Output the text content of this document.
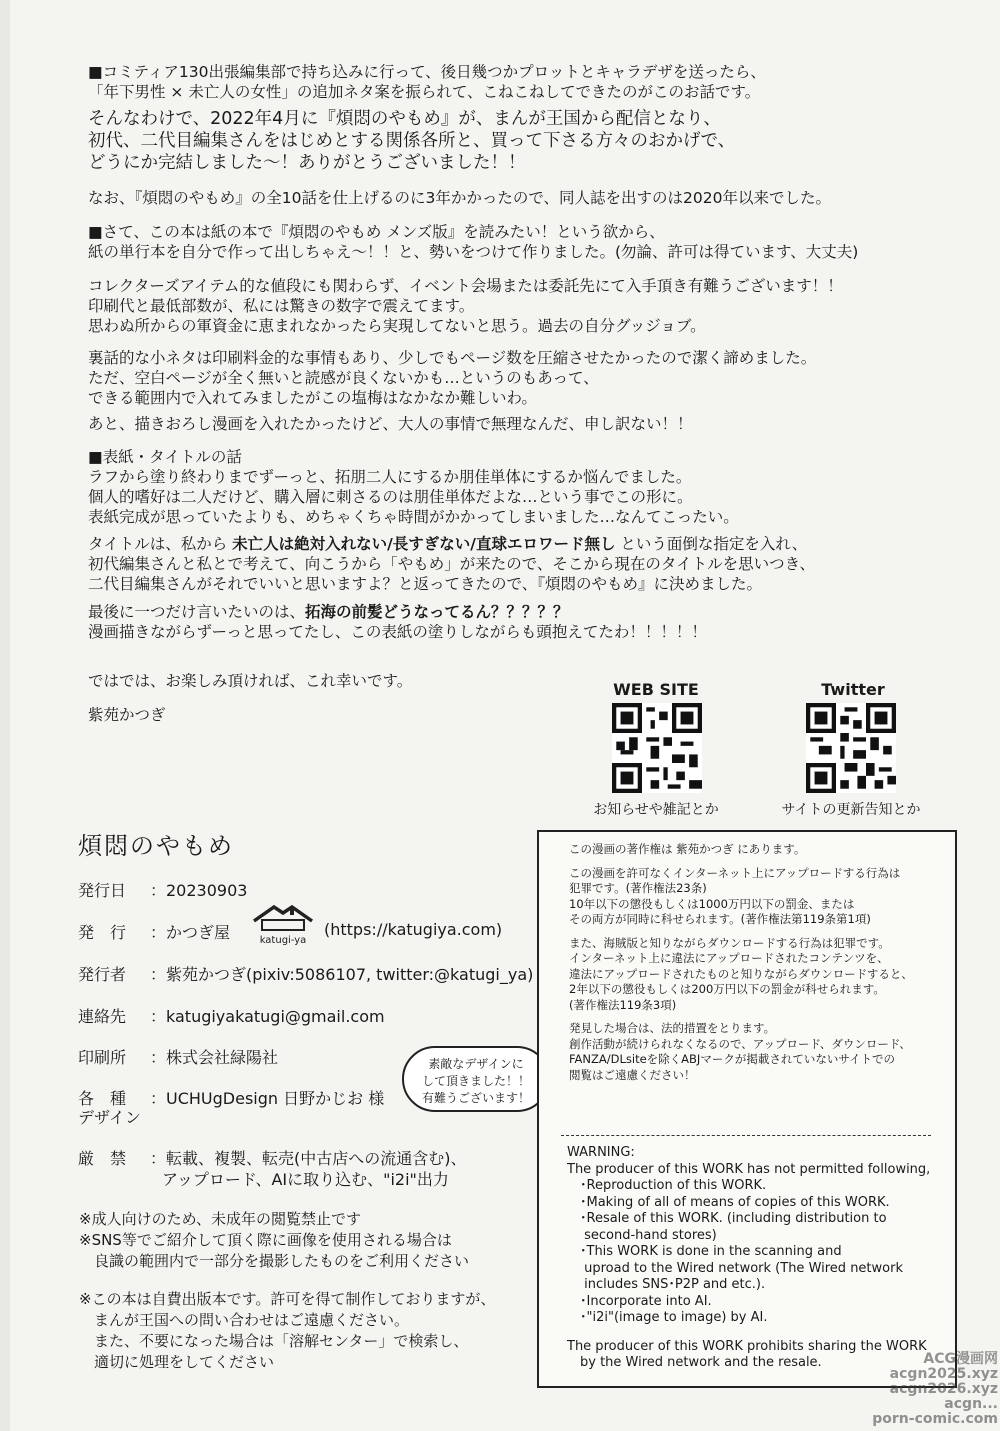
■コミティア130出張編集部で持ち込みに行って、後日幾つかプロットとキャラデザを送ったら、
「年下男性 × 未亡人の女性」の追加ネタ案を振られて、こねこねしてできたのがこのお話です。
そんなわけで、2022年4月に『煩悶のやもめ』が、まんが王国から配信となり、
初代、二代目編集さんをはじめとする関係各所と、買って下さる方々のおかげで、
どうにか完結しました〜！ありがとうございました！！
なお、『煩悶のやもめ』の全10話を仕上げるのに3年かかったので、同人誌を出すのは2020年以来でした。
■さて、この本は紙の本で『煩悶のやもめ メンズ版』を読みたい！という欲から、
紙の単行本を自分で作って出しちゃえ〜！！と、勢いをつけて作りました。(勿論、許可は得ています、大丈夫)
コレクターズアイテム的な値段にも関わらず、イベント会場または委託先にて入手頂き有難うございます！！
印刷代と最低部数が、私には驚きの数字で震えてます。
思わぬ所からの軍資金に恵まれなかったら実現してないと思う。過去の自分グッジョブ。
裏話的な小ネタは印刷料金的な事情もあり、少しでもページ数を圧縮させたかったので潔く諦めました。
ただ、空白ページが全く無いと読感が良くないかも…というのもあって、
できる範囲内で入れてみましたがこの塩梅はなかなか難しいわ。
あと、描きおろし漫画を入れたかったけど、大人の事情で無理なんだ、申し訳ない！！
■表紙・タイトルの話
ラフから塗り終わりまでずーっと、拓朋二人にするか朋佳単体にするか悩んでました。
個人的嗜好は二人だけど、購入層に刺さるのは朋佳単体だよな…という事でこの形に。
表紙完成が思っていたよりも、めちゃくちゃ時間がかかってしまいました…なんてこったい。
タイトルは、私から 未亡人は絶対入れない/長すぎない/直球エロワード無し という面倒な指定を入れ、
初代編集さんと私とで考えて、向こうから「やもめ」が来たので、そこから現在のタイトルを思いつき、
二代目編集さんがそれでいいと思いますよ？と返ってきたので、『煩悶のやもめ』に決めました。
最後に一つだけ言いたいのは、拓海の前髪どうなってるん？？？？？
漫画描きながらずーっと思ってたし、この表紙の塗りしながらも頭抱えてたわ！！！！！
ではでは、お楽しみ頂ければ、これ幸いです。
紫苑かつぎ
WEB SITE
お知らせや雑記とか
Twitter
サイトの更新告知とか
煩悶のやもめ
発行日 ：20230903
発　行 ：かつぎ屋	katugi-ya
(https://katugiya.com)
発行者 ：紫苑かつぎ(pixiv:5086107, twitter:@katugi_ya)
連絡先 ：katugiyakatugi@gmail.com
印刷所 ：株式会社緑陽社
各　種
デザイン
：UCHUgDesign 日野かじお 様
素敵なデザインに
して頂きました！！
有難うございます！
厳　禁 ：転載、複製、転売(中古店への流通含む)、
アップロード、AIに取り込む、"i2i"出力
※成人向けのため、未成年の閲覧禁止です
※SNS等でご紹介して頂く際に画像を使用される場合は
　良識の範囲内で一部分を撮影したものをご利用ください
※この本は自費出版本です。許可を得て制作しておりますが、
　まんが王国への問い合わせはご遠慮ください。
　また、不要になった場合は「溶解センター」で検索し、
　適切に処理をしてください
この漫画の著作権は 紫苑かつぎ にあります。
この漫画を許可なくインターネット上にアップロードする行為は
犯罪です。(著作権法23条)
10年以下の懲役もしくは1000万円以下の罰金、または
その両方が同時に科せられます。(著作権法第119条第1項)
また、海賊版と知りながらダウンロードする行為は犯罪です。
インターネット上に違法にアップロードされたコンテンツを、
違法にアップロードされたものと知りながらダウンロードすると、
2年以下の懲役もしくは200万円以下の罰金が科せられます。
(著作権法119条3項)
発見した場合は、法的措置をとります。
創作活動が続けられなくなるので、アップロード、ダウンロード、
FANZA/DLsiteを除くABJマークが掲載されていないサイトでの
閲覧はご遠慮ください！
WARNING:
The producer of this WORK has not permitted following,
　･Reproduction of this WORK.
　･Making of all of means of copies of this WORK.
　･Resale of this WORK. (including distribution to
　 second-hand stores)
　･This WORK is done in the scanning and
　 uproad to the Wired network (The Wired network
　 includes SNS･P2P and etc.).
　･Incorporate into AI.
　･"i2i"(image to image) by AI.
The producer of this WORK prohibits sharing the WORK
　by the Wired network and the resale.	ACG漫画网
acgn2025.xyz
acgn2026.xyz
acgn...
porn-comic.com
